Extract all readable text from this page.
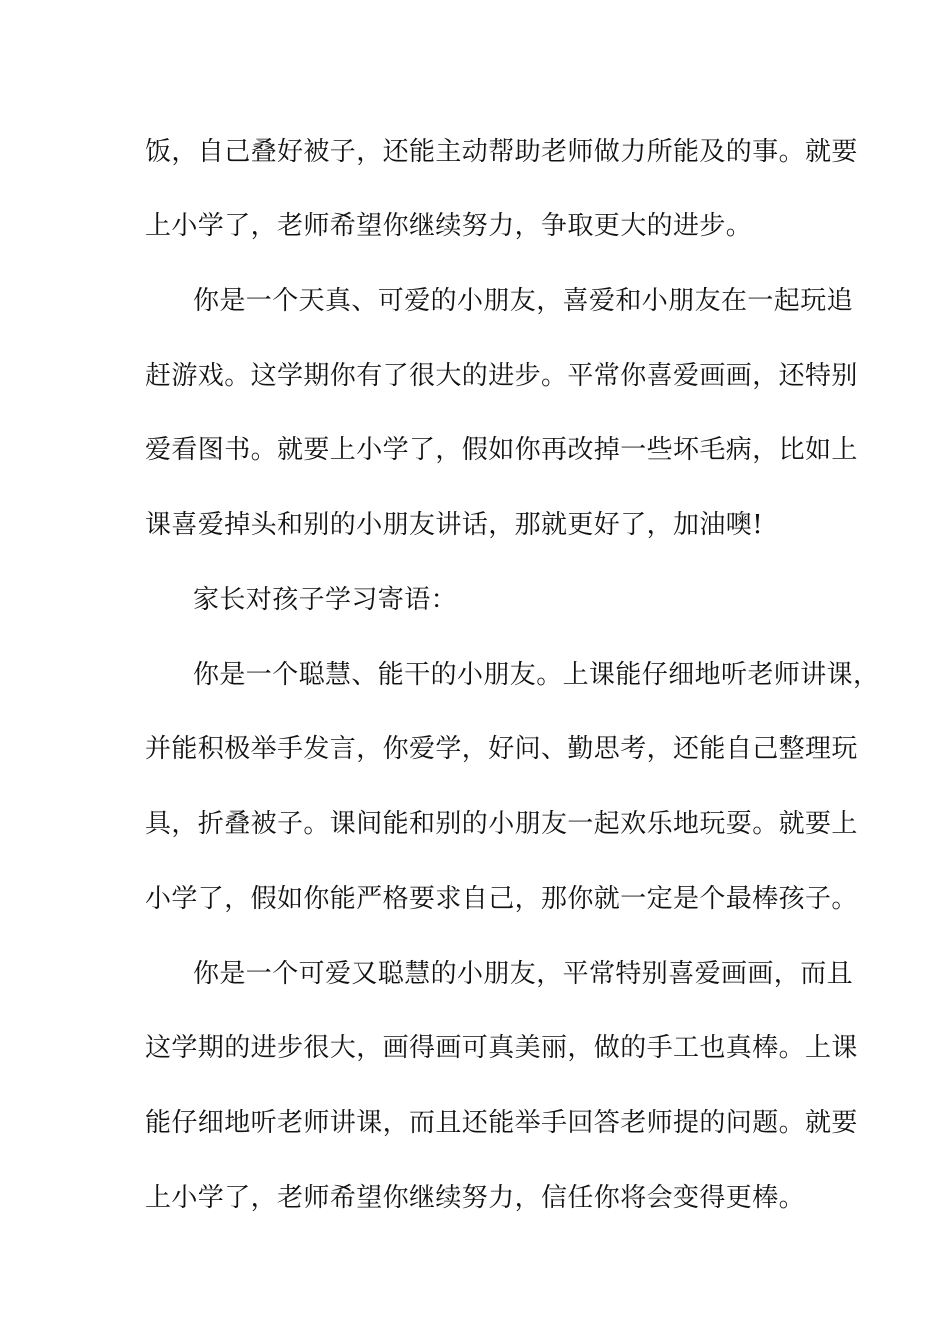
饭，自己叠好被子，还能主动帮助老师做力所能及的事。就要
上小学了，老师希望你继续努力，争取更大的进步。
你是一个天真、可爱的小朋友，喜爱和小朋友在一起玩追
赶游戏。这学期你有了很大的进步。平常你喜爱画画，还特别
爱看图书。就要上小学了，假如你再改掉一些坏毛病，比如上
课喜爱掉头和别的小朋友讲话，那就更好了，加油噢!
家长对孩子学习寄语：
你是一个聪慧、能干的小朋友。上课能仔细地听老师讲课，
并能积极举手发言，你爱学，好问、勤思考，还能自己整理玩
具，折叠被子。课间能和别的小朋友一起欢乐地玩耍。就要上
小学了，假如你能严格要求自己，那你就一定是个最棒孩子。
你是一个可爱又聪慧的小朋友，平常特别喜爱画画，而且
这学期的进步很大，画得画可真美丽，做的手工也真棒。上课
能仔细地听老师讲课，而且还能举手回答老师提的问题。就要
上小学了，老师希望你继续努力，信任你将会变得更棒。
